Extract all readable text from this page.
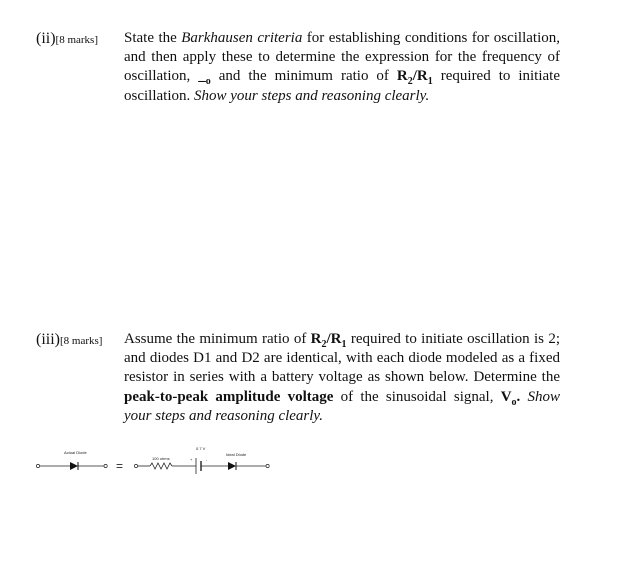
(ii)[8 marks] State the Barkhausen criteria for establishing conditions for oscillation, and then apply these to determine the expression for the frequency of oscillation, $\__o$ and the minimum ratio of $R_2/R_1$ required to initiate oscillation. Show your steps and reasoning clearly.
(iii)[8 marks] Assume the minimum ratio of $R_2/R_1$ required to initiate oscillation is 2; and diodes D1 and D2 are identical, with each diode modeled as a fixed resistor in series with a battery voltage as shown below. Determine the peak-to-peak amplitude voltage of the sinusoidal signal, $V_o$. Show your steps and reasoning clearly.
Actual Diode
=
100 ohms
0.7 V
Ideal Diode
+	-
